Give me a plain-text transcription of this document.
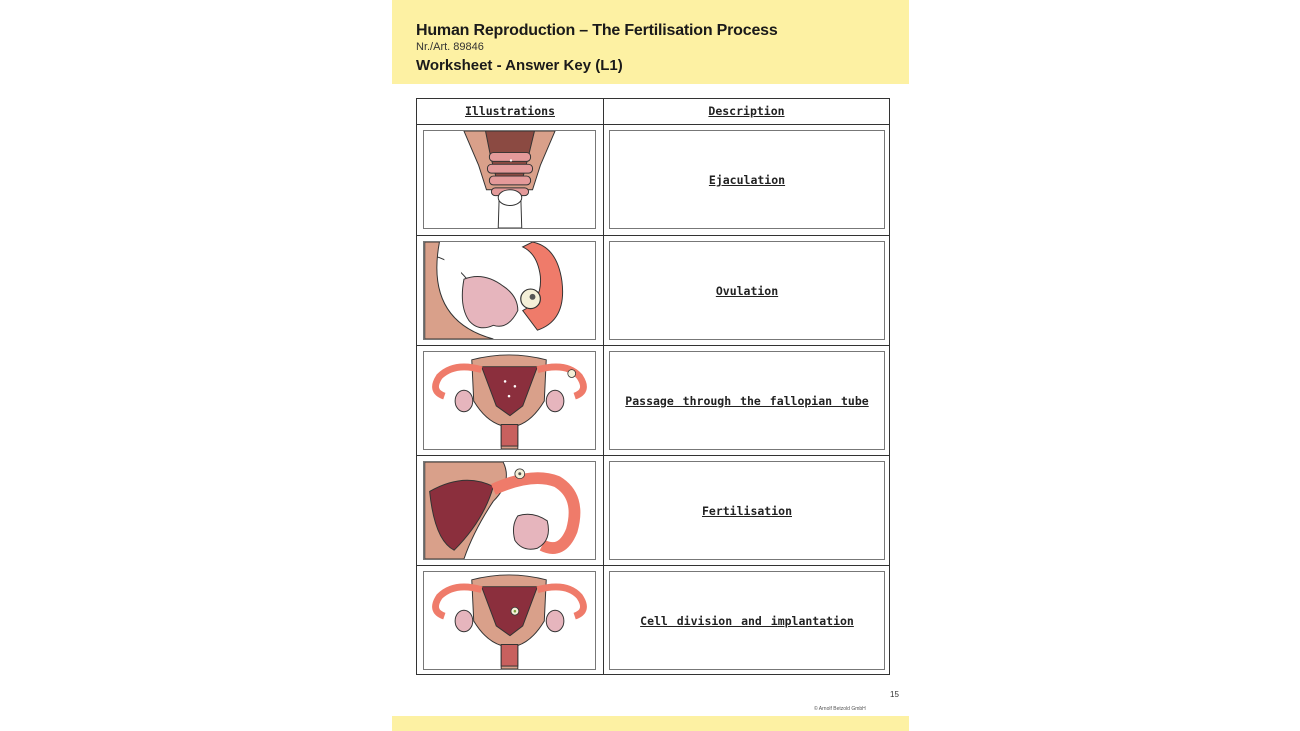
Human Reproduction – The Fertilisation Process
Nr./Art. 89846
Worksheet - Answer Key (L1)
Illustrations	Description
Ejaculation
Ovulation
Passage through the fallopian tube
Fertilisation
Cell division and implantation
15
© Arnolf Betzold GmbH
